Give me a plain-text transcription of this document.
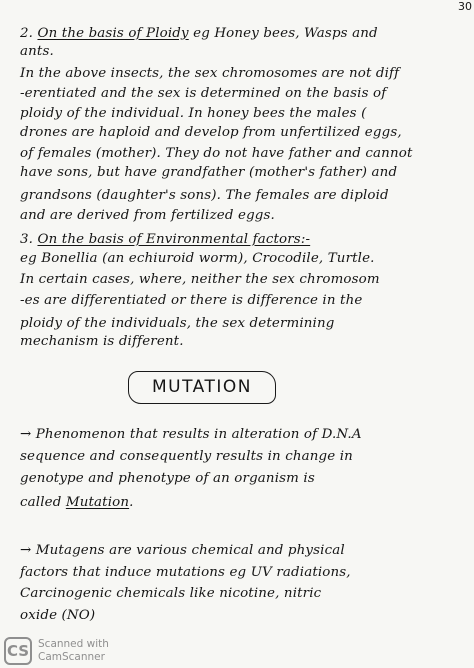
30
2. On the basis of Ploidy eg Honey bees, Wasps and
ants.
In the above insects, the sex chromosomes are not diff
-erentiated and the sex is determined on the basis of
ploidy of the individual. In honey bees the males (
drones are haploid and develop from unfertilized eggs,
of females (mother). They do not have father and cannot
have sons, but have grandfather (mother's father) and
grandsons (daughter's sons). The females are diploid
and are derived from fertilized eggs.
3. On the basis of Environmental factors:-
eg Bonellia (an echiuroid worm), Crocodile, Turtle.
In certain cases, where, neither the sex chromosom
-es are differentiated or there is difference in the
ploidy of the individuals, the sex determining
mechanism is different.
MUTATION
→ Phenomenon that results in alteration of D.N.A
sequence and consequently results in change in
genotype and phenotype of an organism is
called Mutation.
→ Mutagens are various chemical and physical
factors that induce mutations eg UV radiations,
Carcinogenic chemicals like nicotine, nitric
oxide (NO)
CS Scanned with
CamScanner
